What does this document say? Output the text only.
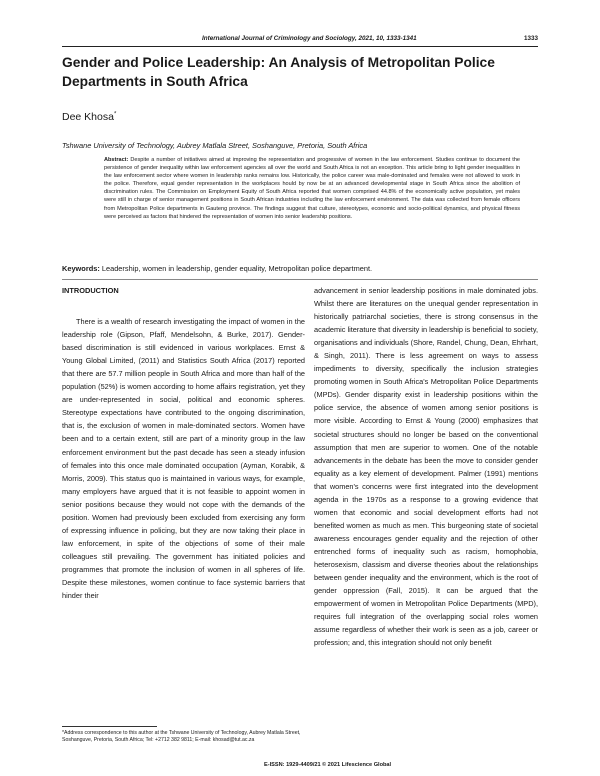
International Journal of Criminology and Sociology, 2021, 10, 1333-1341	1333
Gender and Police Leadership: An Analysis of Metropolitan Police Departments in South Africa
Dee Khosa*
Tshwane University of Technology, Aubrey Matlala Street, Soshanguve, Pretoria, South Africa
Abstract: Despite a number of initiatives aimed at improving the representation and progressive of women in the law enforcement. Studies continue to document the persistence of gender inequality within law enforcement agencies all over the world and South Africa is not an exception. This article bring to light gender inequalities in the law enforcement sector where women in leadership ranks remains low. Historically, the police career was male-dominated and females were not allowed to work in the police. Therefore, equal gender representation in the workplaces hould by now be at an advanced developmental stage in South Africa since the abolition of discrimination rules. The Commission on Employment Equity of South Africa reported that women comprised 44.8% of the economically active population, yet males were still in charge of senior management positions in South African industries including the law enforcement environment. The data was collected from female officers from Metropolitan Police departments in Gauteng province. The findings suggest that culture, stereotypes, economic and socio-political dynamics, and physical fitness were perceived as factors that hindered the representation of women into senior leadership positions.
Keywords: Leadership, women in leadership, gender equality, Metropolitan police department.

INTRODUCTION

There is a wealth of research investigating the impact of women in the leadership role (Gipson, Pfaff, Mendelsohn, & Burke, 2017). Gender-based discrimination is still evidenced in various workplaces. Ernst & Young Global Limited, (2011) and Statistics South Africa (2017) reported that there are 57.7 million people in South Africa and more than half of the population (52%) is women according to home affairs registration, yet they are under-represented in social, political and economic spheres. Stereotype expectations have contributed to the ongoing discrimination, that is, the exclusion of women in male-dominated sectors. Women have been and to a certain extent, still are part of a minority group in the law enforcement environment but the past decade has seen a steady infusion of females into this once male dominated occupation (Ayman, Korabik, & Morris, 2009). This status quo is maintained in various ways, for example, many employers have argued that it is not feasible to appoint women in senior positions because they would not cope with the demands of the position. Women had previously been excluded from exercising any form of expressing influence in policing, but they are now taking their place in law enforcement, in spite of the objections of some of their male colleagues still prevailing. The government has initiated policies and programmes that promote the inclusion of women in all spheres of life. Despite these milestones, women continue to face systemic barriers that hinder their

advancement in senior leadership positions in male dominated jobs. Whilst there are literatures on the unequal gender representation in historically patriarchal societies, there is strong consensus in the academic literature that diversity in leadership is beneficial to society, organisations and individuals (Shore, Randel, Chung, Dean, Ehrhart, & Singh, 2011). There is less agreement on ways to assess impediments to diversity, specifically the inclusion strategies promoting women in South Africa's Metropolitan Police Departments (MPDs). Gender disparity exist in leadership positions within the police service, the absence of women among senior positions is more visible. According to Ernst & Young (2000) emphasizes that societal structures should no longer be based on the conventional assumption that men are superior to women. One of the notable advancements in the debate has been the move to consider gender equality as a key element of development. Palmer (1991) mentions that women's concerns were first integrated into the development agenda in the 1970s as a response to a growing evidence that women that economic and social development efforts had not benefited women as much as men. This burgeoning state of societal awareness encourages gender equality and the rejection of other entrenched forms of inequality such as racism, homophobia, heterosexism, classism and diverse theories about the relationships between gender inequality and the environment, which is the root of gender oppression (Fall, 2015). It can be argued that the empowerment of women in Metropolitan Police Departments (MPD), requires full integration of the overlapping social roles women assume regardless of whether their work is seen as a job, career or profession; and, this integration should not only benefit

*Address correspondence to this author at the Tshwane University of Technology, Aubrey Matlala Street, Soshanguve, Pretoria, South Africa; Tel: +2712 382 9811; E-mail: khosad@tut.ac.za
E-ISSN: 1929-4409/21 © 2021 Lifescience Global
